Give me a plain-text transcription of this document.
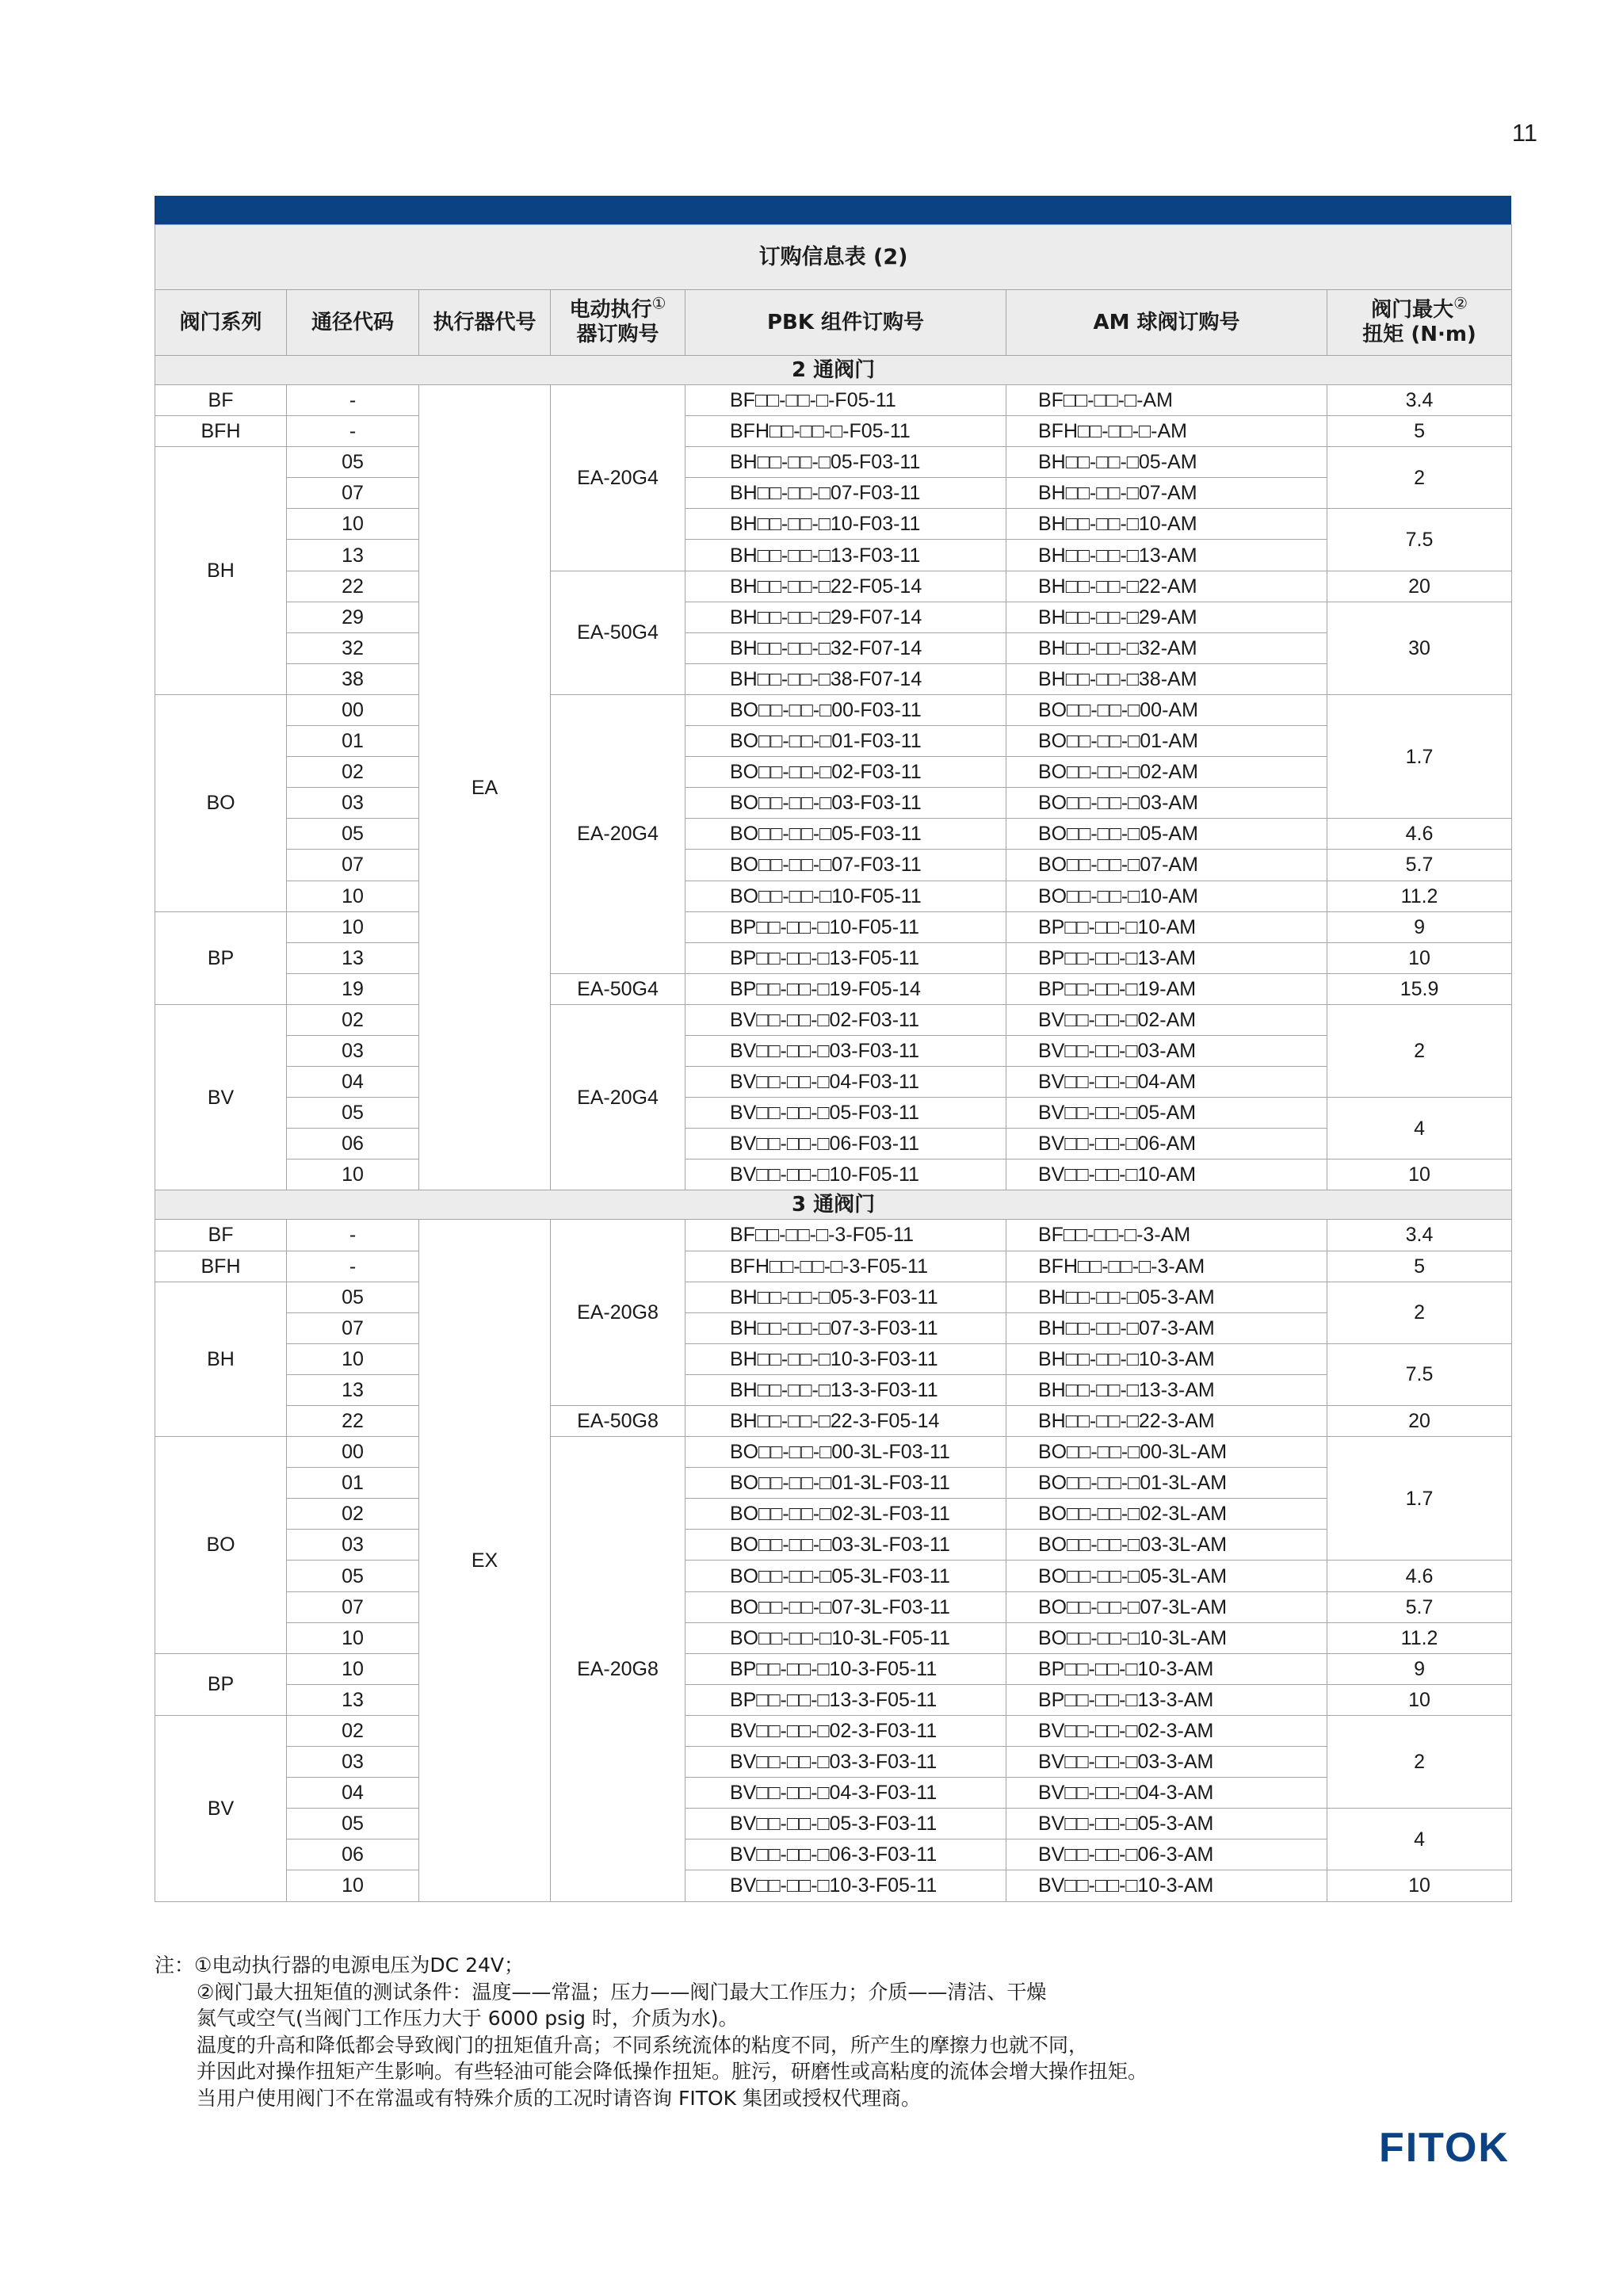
11
订购信息表 (2)						
阀门系列	通径代码	执行器代号	电动执行①
器订购号	PBK 组件订购号	AM 球阀订购号	阀门最大②
扭矩 (N·m)
2 通阀门						
BF	-	EA	EA-20G4	BF□□-□□-□-F05-11	BF□□-□□-□-AM	3.4
BFH	-			BFH□□-□□-□-F05-11	BFH□□-□□-□-AM	5
BH	05			BH□□-□□-□05-F03-11	BH□□-□□-□05-AM	2
	07			BH□□-□□-□07-F03-11	BH□□-□□-□07-AM	
	10			BH□□-□□-□10-F03-11	BH□□-□□-□10-AM	7.5
	13			BH□□-□□-□13-F03-11	BH□□-□□-□13-AM	
	22		EA-50G4	BH□□-□□-□22-F05-14	BH□□-□□-□22-AM	20
	29			BH□□-□□-□29-F07-14	BH□□-□□-□29-AM	30
	32			BH□□-□□-□32-F07-14	BH□□-□□-□32-AM	
	38			BH□□-□□-□38-F07-14	BH□□-□□-□38-AM	
BO	00		EA-20G4	BO□□-□□-□00-F03-11	BO□□-□□-□00-AM	1.7
	01			BO□□-□□-□01-F03-11	BO□□-□□-□01-AM	
	02			BO□□-□□-□02-F03-11	BO□□-□□-□02-AM	
	03			BO□□-□□-□03-F03-11	BO□□-□□-□03-AM	
	05			BO□□-□□-□05-F03-11	BO□□-□□-□05-AM	4.6
	07			BO□□-□□-□07-F03-11	BO□□-□□-□07-AM	5.7
	10			BO□□-□□-□10-F05-11	BO□□-□□-□10-AM	11.2
BP	10			BP□□-□□-□10-F05-11	BP□□-□□-□10-AM	9
	13			BP□□-□□-□13-F05-11	BP□□-□□-□13-AM	10
	19		EA-50G4	BP□□-□□-□19-F05-14	BP□□-□□-□19-AM	15.9
BV	02		EA-20G4	BV□□-□□-□02-F03-11	BV□□-□□-□02-AM	2
	03			BV□□-□□-□03-F03-11	BV□□-□□-□03-AM	
	04			BV□□-□□-□04-F03-11	BV□□-□□-□04-AM	
	05			BV□□-□□-□05-F03-11	BV□□-□□-□05-AM	4
	06			BV□□-□□-□06-F03-11	BV□□-□□-□06-AM	
	10			BV□□-□□-□10-F05-11	BV□□-□□-□10-AM	10
3 通阀门						
BF	-	EX	EA-20G8	BF□□-□□-□-3-F05-11	BF□□-□□-□-3-AM	3.4
BFH	-			BFH□□-□□-□-3-F05-11	BFH□□-□□-□-3-AM	5
BH	05			BH□□-□□-□05-3-F03-11	BH□□-□□-□05-3-AM	2
	07			BH□□-□□-□07-3-F03-11	BH□□-□□-□07-3-AM	
	10			BH□□-□□-□10-3-F03-11	BH□□-□□-□10-3-AM	7.5
	13			BH□□-□□-□13-3-F03-11	BH□□-□□-□13-3-AM	
	22		EA-50G8	BH□□-□□-□22-3-F05-14	BH□□-□□-□22-3-AM	20
BO	00		EA-20G8	BO□□-□□-□00-3L-F03-11	BO□□-□□-□00-3L-AM	1.7
	01			BO□□-□□-□01-3L-F03-11	BO□□-□□-□01-3L-AM	
	02			BO□□-□□-□02-3L-F03-11	BO□□-□□-□02-3L-AM	
	03			BO□□-□□-□03-3L-F03-11	BO□□-□□-□03-3L-AM	
	05			BO□□-□□-□05-3L-F03-11	BO□□-□□-□05-3L-AM	4.6
	07			BO□□-□□-□07-3L-F03-11	BO□□-□□-□07-3L-AM	5.7
	10			BO□□-□□-□10-3L-F05-11	BO□□-□□-□10-3L-AM	11.2
BP	10			BP□□-□□-□10-3-F05-11	BP□□-□□-□10-3-AM	9
	13			BP□□-□□-□13-3-F05-11	BP□□-□□-□13-3-AM	10
BV	02			BV□□-□□-□02-3-F03-11	BV□□-□□-□02-3-AM	2
	03			BV□□-□□-□03-3-F03-11	BV□□-□□-□03-3-AM	
	04			BV□□-□□-□04-3-F03-11	BV□□-□□-□04-3-AM	
	05			BV□□-□□-□05-3-F03-11	BV□□-□□-□05-3-AM	4
	06			BV□□-□□-□06-3-F03-11	BV□□-□□-□06-3-AM	
	10			BV□□-□□-□10-3-F05-11	BV□□-□□-□10-3-AM	10
注：①电动执行器的电源电压为DC 24V；
②阀门最大扭矩值的测试条件：温度——常温；压力——阀门最大工作压力；介质——清洁、干燥
氮气或空气(当阀门工作压力大于 6000 psig 时，介质为水)。
温度的升高和降低都会导致阀门的扭矩值升高；不同系统流体的粘度不同，所产生的摩擦力也就不同，
并因此对操作扭矩产生影响。有些轻油可能会降低操作扭矩。脏污，研磨性或高粘度的流体会增大操作扭矩。
当用户使用阀门不在常温或有特殊介质的工况时请咨询 FITOK 集团或授权代理商。
FITOK
